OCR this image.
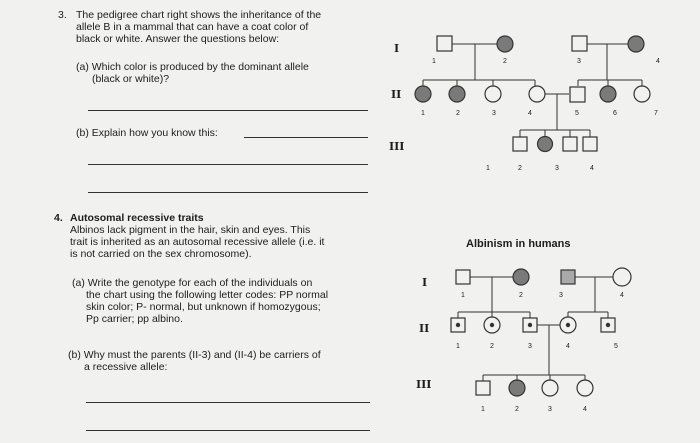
3. The pedigree chart right shows the inheritance of the
allele B in a mammal that can have a coat color of
black or white. Answer the questions below:
(a) Which color is produced by the dominant allele
(black or white)?
(b) Explain how you know this:
4. Autosomal recessive traits
Albinos lack pigment in the hair, skin and eyes. This
trait is inherited as an autosomal recessive allele (i.e. it
is not carried on the sex chromosome).
(a) Write the genotype for each of the individuals on
the chart using the following letter codes: PP normal
skin color; P- normal, but unknown if homozygous;
Pp carrier; pp albino.
(b) Why must the parents (II-3) and (II-4) be carriers of
a recessive allele:
I
II
III
Albinism in humans
I
II
III
1	2	3	4
1	2	3	4	5	6	7
1	2	3	4
1	2	3	4
1	2	3	4	5
1	2	3	4
